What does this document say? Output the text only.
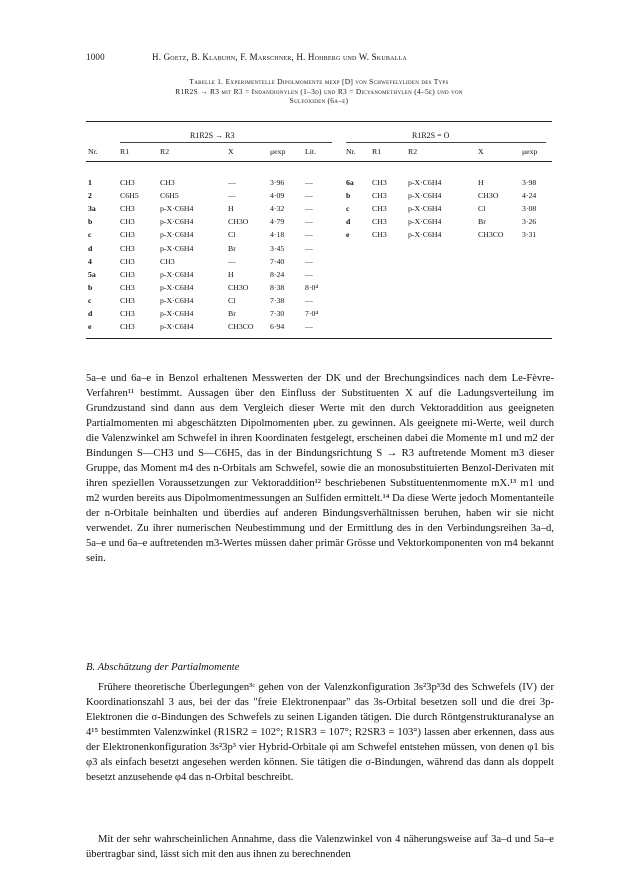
1000	H. Goetz, B. Klabuhn, F. Marschner, H. Hohberg und W. Skuballa
Tabelle 1. Experimentelle Dipolmomente μexp [D] von Schwefelyliden des Typs
R1R2S → R3 mit R3 = Indandionylen (1–3d) und R3 = Dicyanomethylen (4–5e) und von
Sulfoxiden (6a–e)
R1R2S → R3	R1R2S = O
Nr.	R1	R2	X	μexp	Lit.	Nr. R1	R2	X	μexp
1	CH3	CH3	—	3·96	—
2	C6H5	C6H5	—	4·09	—
3a	CH3	p-X·C6H4	H	4·32	—
b	CH3	p-X·C6H4	CH3O	4·79	—
c	CH3	p-X·C6H4	Cl	4·18	—
d	CH3	p-X·C6H4	Br	3·45	—
4	CH3	CH3	—	7·40	—
5a	CH3	p-X·C6H4	H	8·24	—
b	CH3	p-X·C6H4	CH3O	8·38	8·0⁴
c	CH3	p-X·C6H4	Cl	7·38	—
d	CH3	p-X·C6H4	Br	7·30	7·0⁴
e	CH3	p-X·C6H4	CH3CO 6·94	—
6a CH3	p-X·C6H4	H	3·98
b	CH3	p-X·C6H4	CH3O	4·24
c	CH3	p-X·C6H4	Cl	3·08
d	CH3	p-X·C6H4	Br	3·26
e	CH3	p-X·C6H4	CH3CO 3·31

5a–e und 6a–e in Benzol erhaltenen Messwerten der DK und der Brechungsindices nach dem Le-Fèvre-Verfahren¹¹ bestimmt. Aussagen über den Einfluss der Substituenten X auf die Ladungsverteilung im Grundzustand sind dann aus dem Vergleich dieser Werte mit den durch Vektoraddition aus geeigneten Partialmomenten mi abgeschätzten Dipolmomenten μber. zu gewinnen. Als geeignete mi-Werte, weil durch die Valenzwinkel am Schwefel in ihren Koordinaten festgelegt, erscheinen dabei die Momente m1 und m2 der Bindungen S—CH3 und S—C6H5, das in der Bindungsrichtung S → R3 auftretende Moment m3 dieser Gruppe, das Moment m4 des n-Orbitals am Schwefel, sowie die an monosubstituierten Benzol-Derivaten mit ihren speziellen Voraussetzungen zur Vektoraddition¹² beschriebenen Substituentenmomente mX.¹³ m1 und m2 wurden bereits aus Dipolmomentmessungen an Sulfiden ermittelt.¹⁴ Da diese Werte jedoch Momentanteile der n-Orbitale beinhalten und überdies auf anderen Bindungsverhältnissen beruhen, haben wir sie nicht verwendet. Zu ihrer numerischen Neubestimmung und der Ermittlung des in den Verbindungsreihen 3a–d, 5a–e und 6a–e auftretenden m3-Wertes müssen daher primär Grösse und Vektorkomponenten von m4 bekannt sein.

B. Abschätzung der Partialmomente

Frühere theoretische Überlegungen³ᶜ gehen von der Valenzkonfiguration 3s²3p³3d des Schwefels (IV) der Koordinationszahl 3 aus, bei der das "freie Elektronenpaar" das 3s-Orbital besetzen soll und die drei 3p-Elektronen die σ-Bindungen des Schwefels zu seinen Liganden tätigen. Die durch Röntgenstrukturanalyse an 4¹⁵ bestimmten Valenzwinkel (R1SR2 = 102°; R1SR3 = 107°; R2SR3 = 103°) lassen aber erkennen, dass aus der Elektronenkonfiguration 3s²3p³ vier Hybrid-Orbitale φi am Schwefel entstehen müssen, von denen φ1 bis φ3 als einfach besetzt angesehen werden können. Sie tätigen die σ-Bindungen, während das dann als doppelt besetzt anzusehende φ4 das n-Orbital beschreibt.

Mit der sehr wahrscheinlichen Annahme, dass die Valenzwinkel von 4 näherungsweise auf 3a–d und 5a–e übertragbar sind, lässt sich mit den aus ihnen zu berechnenden
